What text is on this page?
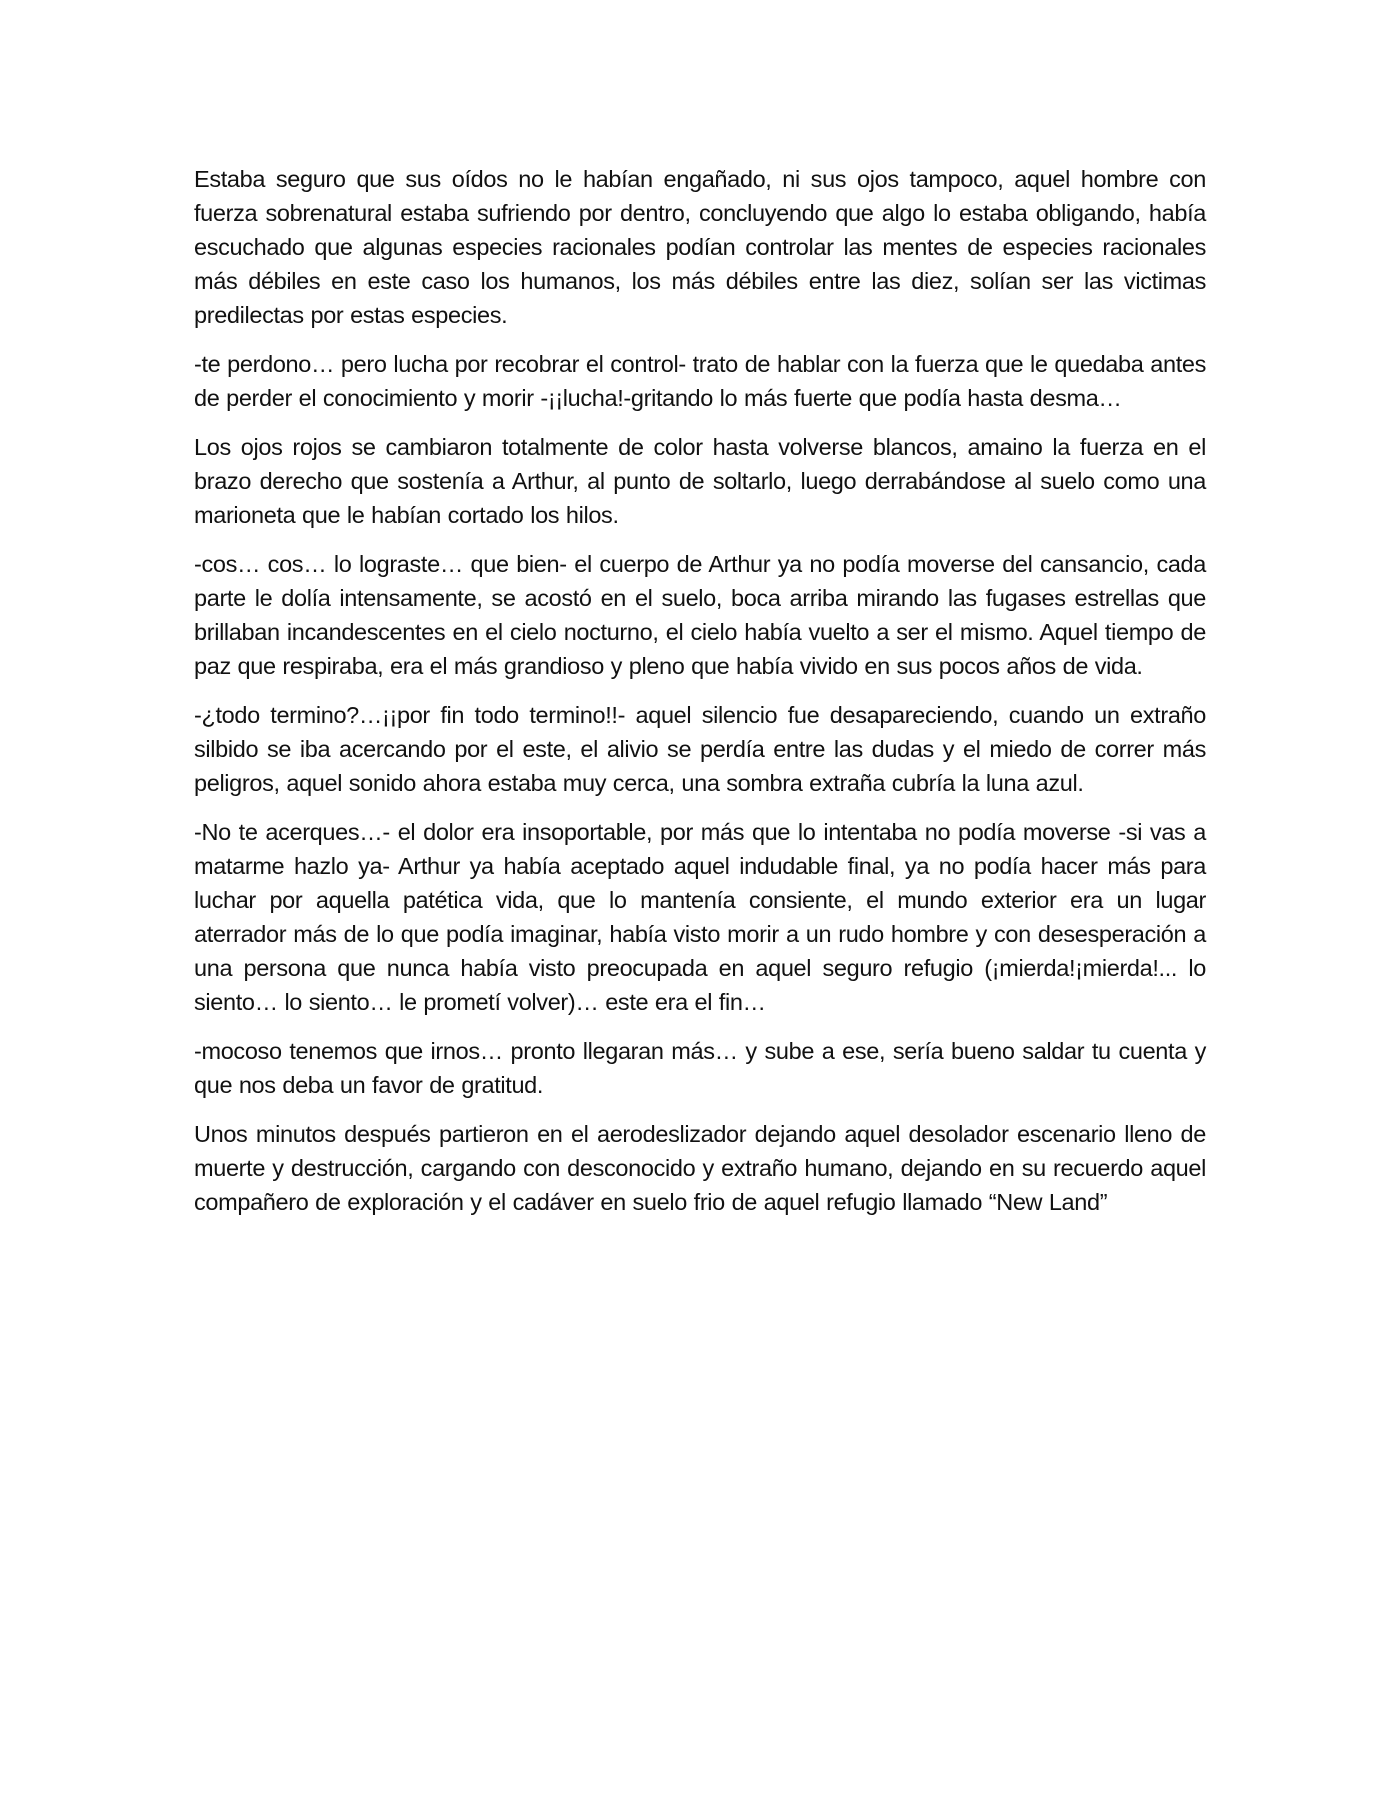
Estaba seguro que sus oídos no le habían engañado, ni sus ojos tampoco, aquel hombre con fuerza sobrenatural estaba sufriendo por dentro, concluyendo que algo lo estaba obligando, había escuchado que algunas especies racionales podían controlar las mentes de especies racionales más débiles en este caso los humanos, los más débiles entre las diez, solían ser las victimas predilectas por estas especies.

-te perdono… pero lucha por recobrar el control- trato de hablar con la fuerza que le quedaba antes de perder el conocimiento y morir -¡¡lucha!-gritando lo más fuerte que podía hasta desma…

Los ojos rojos se cambiaron totalmente de color hasta volverse blancos, amaino la fuerza en el brazo derecho que sostenía a Arthur, al punto de soltarlo, luego derrabándose al suelo como una marioneta que le habían cortado los hilos.

-cos… cos… lo lograste… que bien- el cuerpo de Arthur ya no podía moverse del cansancio, cada parte le dolía intensamente, se acostó en el suelo, boca arriba mirando las fugases estrellas que brillaban incandescentes en el cielo nocturno, el cielo había vuelto a ser el mismo. Aquel tiempo de paz que respiraba, era el más grandioso y pleno que había vivido en sus pocos años de vida.

-¿todo termino?…¡¡por fin todo termino!!- aquel silencio fue desapareciendo, cuando un extraño silbido se iba acercando por el este, el alivio se perdía entre las dudas y el miedo de correr más peligros, aquel sonido ahora estaba muy cerca, una sombra extraña cubría la luna azul.

-No te acerques…- el dolor era insoportable, por más que lo intentaba no podía moverse -si vas a matarme hazlo ya- Arthur ya había aceptado aquel indudable final, ya no podía hacer más para luchar por aquella patética vida, que lo mantenía consiente, el mundo exterior era un lugar aterrador más de lo que podía imaginar, había visto morir a un rudo hombre y con desesperación a una persona que nunca había visto preocupada en aquel seguro refugio (¡mierda!¡mierda!... lo siento… lo siento… le prometí volver)… este era el fin…

-mocoso tenemos que irnos… pronto llegaran más… y sube a ese, sería bueno saldar tu cuenta y que nos deba un favor de gratitud.

Unos minutos después partieron en el aerodeslizador dejando aquel desolador escenario lleno de muerte y destrucción, cargando con desconocido y extraño humano, dejando en su recuerdo aquel compañero de exploración y el cadáver en suelo frio de aquel refugio llamado “New Land”
